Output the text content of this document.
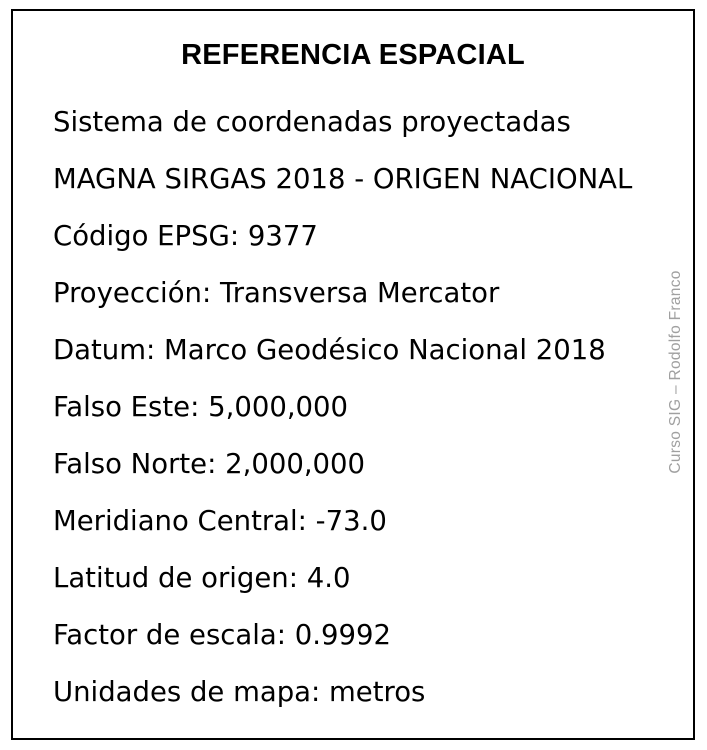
REFERENCIA ESPACIAL
Sistema de coordenadas proyectadas
MAGNA SIRGAS 2018 - ORIGEN NACIONAL
Código EPSG: 9377
Proyección: Transversa Mercator
Datum: Marco Geodésico Nacional 2018
Falso Este: 5,000,000
Falso Norte: 2,000,000
Meridiano Central: -73.0
Latitud de origen: 4.0
Factor de escala: 0.9992
Unidades de mapa: metros
Curso SIG – Rodolfo Franco
